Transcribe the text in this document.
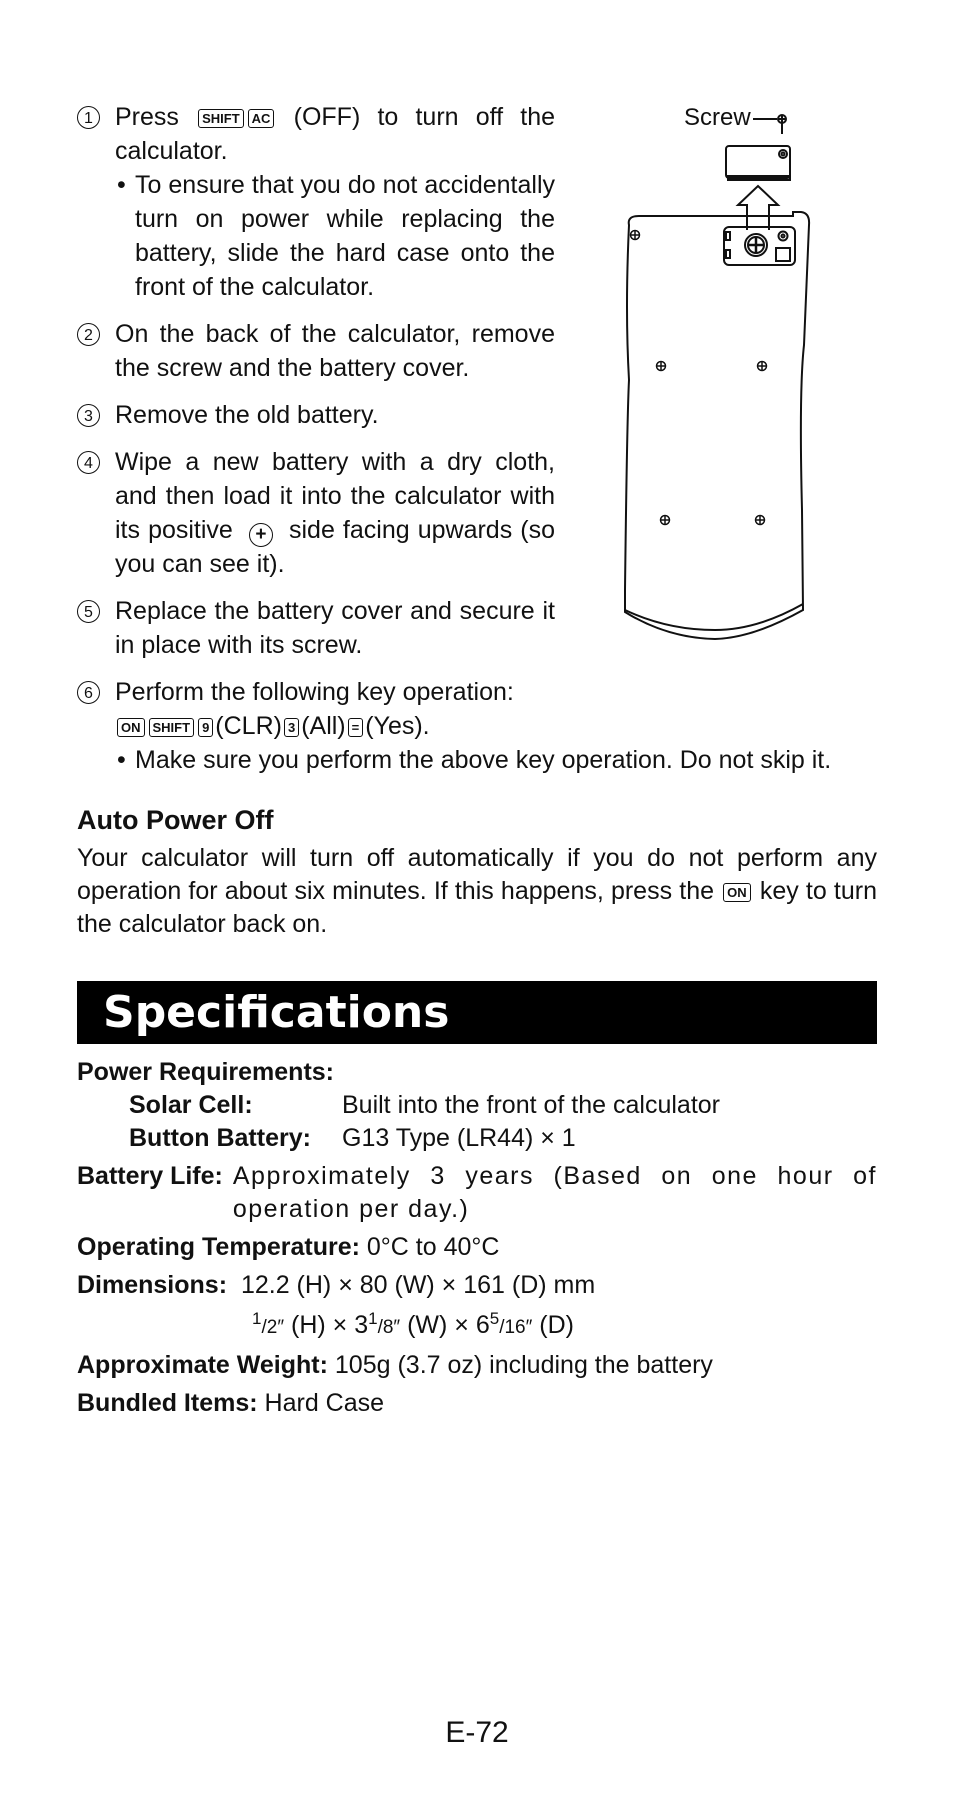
1 Press SHIFT AC (OFF) to turn off the calculator.
• To ensure that you do not accidentally turn on power while replacing the battery, slide the hard case onto the front of the calculator.
2 On the back of the calculator, remove the screw and the battery cover.
3 Remove the old battery.
4 Wipe a new battery with a dry cloth, and then load it into the calculator with its positive + side facing upwards (so you can see it).
5 Replace the battery cover and secure it in place with its screw.
6 Perform the following key operation:
ON SHIFT 9 (CLR) 3 (All) = (Yes).
• Make sure you perform the above key operation. Do not skip it.
Screw
Auto Power Off

Your calculator will turn off automatically if you do not perform any operation for about six minutes. If this happens, press the ON key to turn the calculator back on.

Specifications
Power Requirements:
Solar Cell:	Built into the front of the calculator
Button Battery: G13 Type (LR44) × 1
Battery Life: Approximately 3 years (Based on one hour of operation per day.)
Operating Temperature: 0°C to 40°C
Dimensions: 12.2 (H) × 80 (W) × 161 (D) mm
$^1$/2″ $(H) \times 3^1/8''$ $(W) \times 6^5/16''$ (D)
Approximate Weight: 105g (3.7 oz) including the battery
Bundled Items: Hard Case
E-72
